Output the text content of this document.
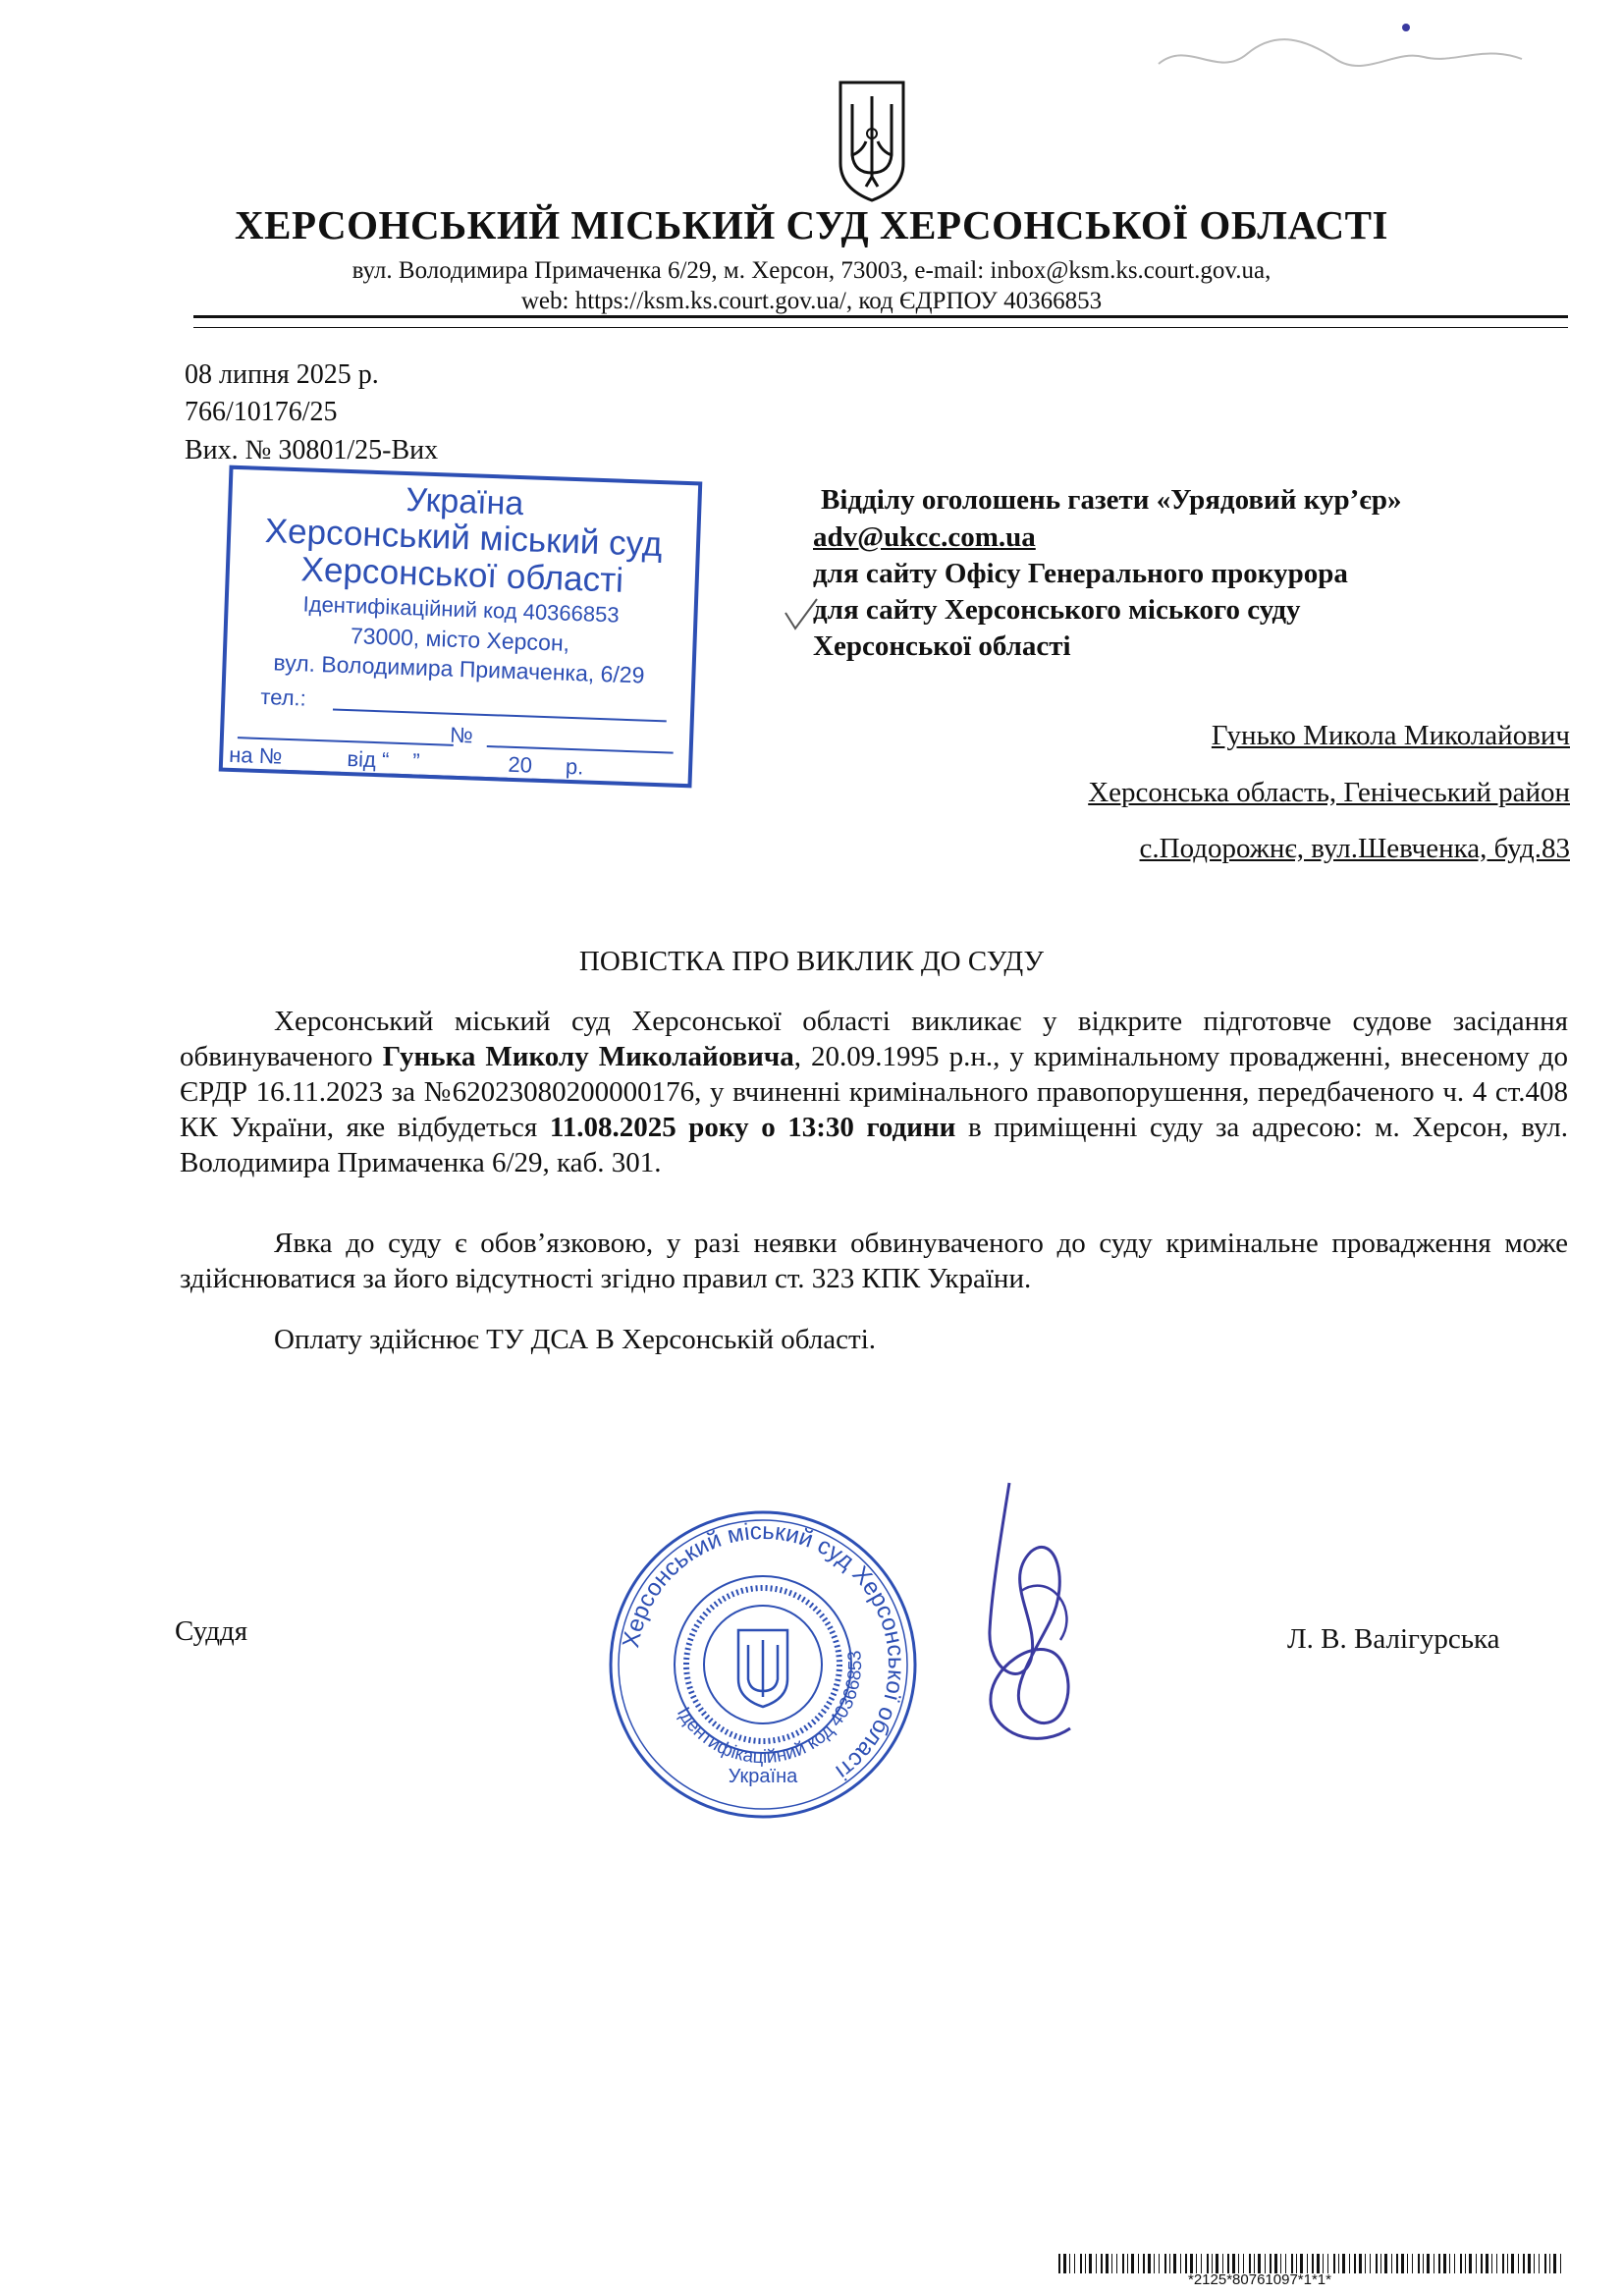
ХЕРСОНСЬКИЙ МІСЬКИЙ СУД ХЕРСОНСЬКОЇ ОБЛАСТІ
вул. Володимира Примаченка 6/29, м. Херсон, 73003, e-mail: inbox@ksm.ks.court.gov.ua,
web: https://ksm.ks.court.gov.ua/, код ЄДРПОУ 40366853
08 липня 2025 р.
766/10176/25
Вих. № 30801/25-Вих
Україна
Херсонський міський суд
Херсонської області
Ідентифікаційний код 40366853
73000, місто Херсон,
вул. Володимира Примаченка, 6/29
тел.:
№
на №	від “ ”	20 р.
Відділу оголошень газети «Урядовий кур’єр»
adv@ukcc.com.ua
для сайту Офісу Генерального прокурора
для сайту Херсонського міського суду
Херсонської області
Гунько Микола Миколайович
Херсонська область, Генічеський район
с.Подорожнє, вул.Шевченка, буд.83
ПОВІСТКА ПРО ВИКЛИК ДО СУДУ

Херсонський міський суд Херсонської області викликає у відкрите підготовче судове засідання обвинуваченого Гунька Миколу Миколайовича, 20.09.1995 р.н., у кримінальному провадженні, внесеному до ЄРДР 16.11.2023 за №62023080200000176, у вчиненні кримінального правопорушення, передбаченого ч. 4 ст.408 КК України, яке відбудеться 11.08.2025 року о 13:30 години в приміщенні суду за адресою: м. Херсон, вул. Володимира Примаченка 6/29, каб. 301.

Явка до суду є обов’язковою, у разі неявки обвинуваченого до суду кримінальне провадження може здійснюватися за його відсутності згідно правил ст. 323 КПК України.

Оплату здійснює ТУ ДСА В Херсонській області.

Суддя	Херсонський міський суд Херсонської області
Ідентифікаційний код 40366853
Україна
Л. В. Валігурська
*2125*80761097*1*1*
